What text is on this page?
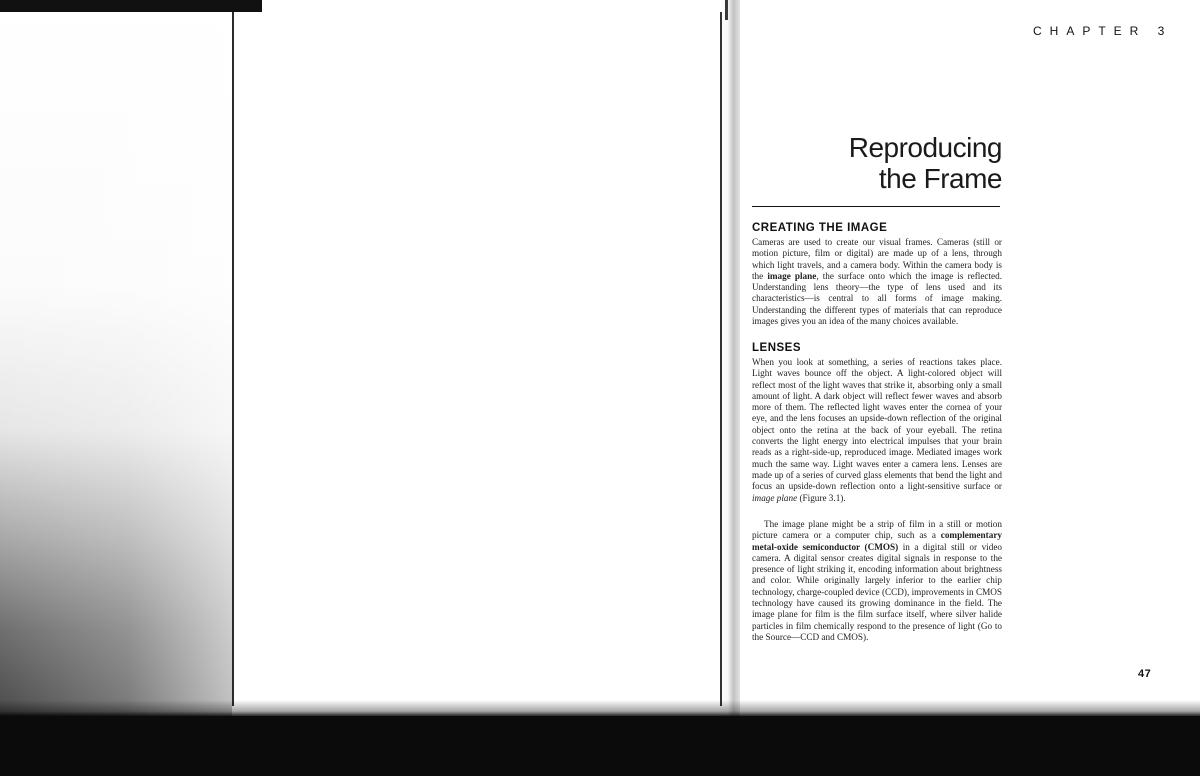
CHAPTER 3
Reproducing
the Frame
CREATING THE IMAGE

Cameras are used to create our visual frames. Cameras (still or motion picture, film or digital) are made up of a lens, through which light travels, and a camera body. Within the camera body is the image plane, the surface onto which the image is reflected. Understanding lens theory—the type of lens used and its characteristics—is central to all forms of image making. Understanding the different types of materials that can reproduce images gives you an idea of the many choices available.

LENSES

When you look at something, a series of reactions takes place. Light waves bounce off the object. A light-colored object will reflect most of the light waves that strike it, absorbing only a small amount of light. A dark object will reflect fewer waves and absorb more of them. The reflected light waves enter the cornea of your eye, and the lens focuses an upside-down reflection of the original object onto the retina at the back of your eyeball. The retina converts the light energy into electrical impulses that your brain reads as a right-side-up, reproduced image. Mediated images work much the same way. Light waves enter a camera lens. Lenses are made up of a series of curved glass elements that bend the light and focus an upside-down reflection onto a light-sensitive surface or image plane (Figure 3.1).

The image plane might be a strip of film in a still or motion picture camera or a computer chip, such as a complementary metal-oxide semiconductor (CMOS) in a digital still or video camera. A digital sensor creates digital signals in response to the presence of light striking it, encoding information about brightness and color. While originally largely inferior to the earlier chip technology, charge-coupled device (CCD), improvements in CMOS technology have caused its growing dominance in the field. The image plane for film is the film surface itself, where silver halide particles in film chemically respond to the presence of light (Go to the Source—CCD and CMOS).

47
